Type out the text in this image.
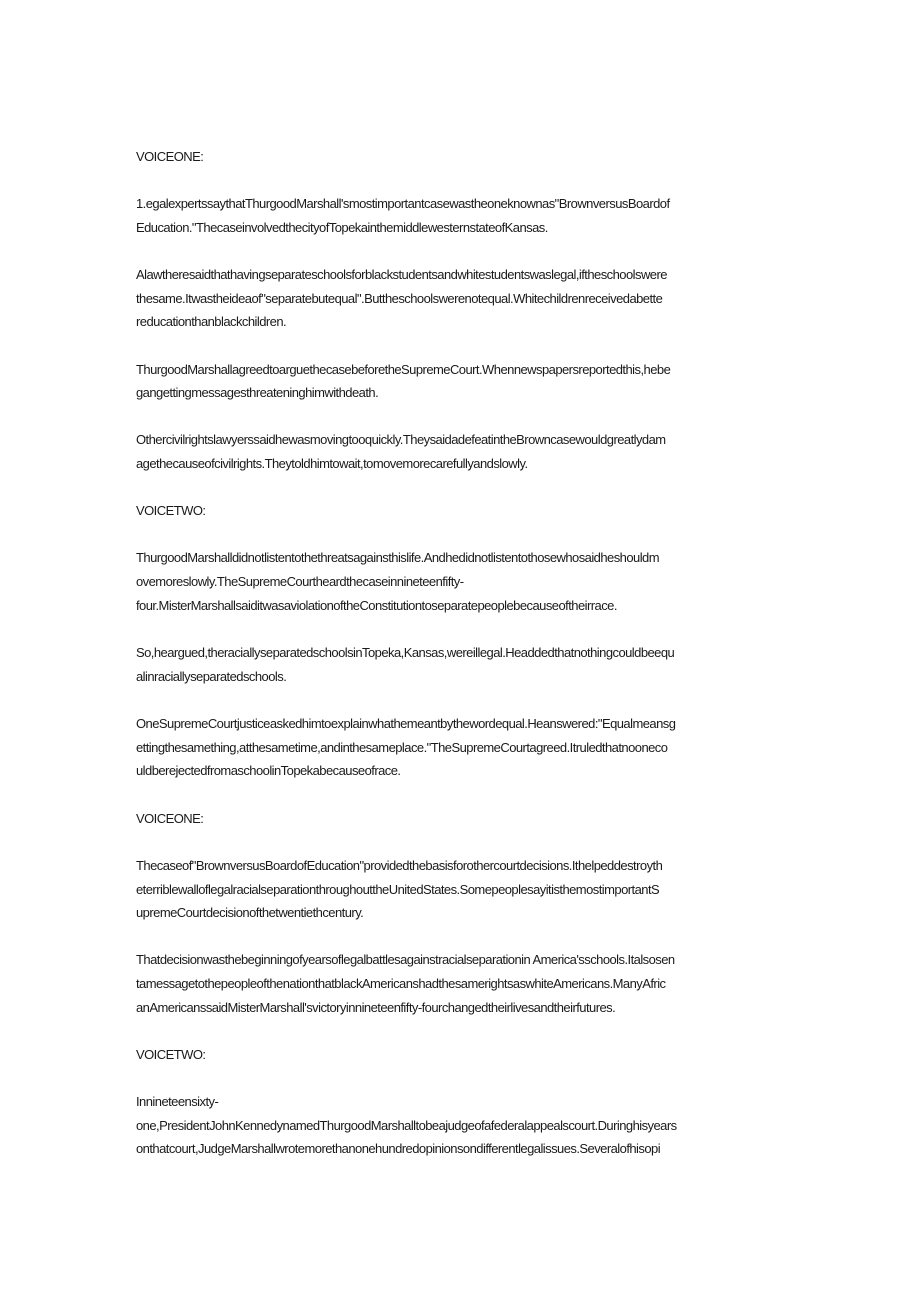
VOICEONE:
1.egalexpertssaythatThurgoodMarshall'smostimportantcasewastheoneknownas"BrownversusBoardof
Education."ThecaseinvolvedthecityofTopekainthemiddlewesternstateofKansas.
Alawtheresaidthathavingseparateschoolsforblackstudentsandwhitestudentswaslegal,iftheschoolswere
thesame.Itwastheideaof"separatebutequal".Buttheschoolswerenotequal.Whitechildrenreceivedabette
reducationthanblackchildren.
ThurgoodMarshallagreedtoarguethecasebeforetheSupremeCourt.Whennewspapersreportedthis,hebe
gangettingmessagesthreateninghimwithdeath.
Othercivilrightslawyerssaidhewasmovingtooquickly.TheysaidadefeatintheBrowncasewouldgreatlydam
agethecauseofcivilrights.Theytoldhimtowait,tomovemorecarefullyandslowly.
VOICETWO:
ThurgoodMarshalldidnotlistentothethreatsagainsthislife.Andhedidnotlistentothosewhosaidheshouldm
ovemoreslowly.TheSupremeCourtheardthecaseinnineteenfifty-
four.MisterMarshallsaiditwasaviolationoftheConstitutiontoseparatepeoplebecauseoftheirrace.
So,heargued,theraciallyseparatedschoolsinTopeka,Kansas,wereillegal.Headdedthatnothingcouldbeequ
alinraciallyseparatedschools.
OneSupremeCourtjusticeaskedhimtoexplainwhathemeantbythewordequal.Heanswered:"Equalmeansg
ettingthesamething,atthesametime,andinthesameplace."TheSupremeCourtagreed.Itruledthatnooneco
uldberejectedfromaschoolinTopekabecauseofrace.
VOICEONE:
Thecaseof"BrownversusBoardofEducation"providedthebasisforothercourtdecisions.Ithelpeddestroyth
eterriblewalloflegalracialseparationthroughouttheUnitedStates.SomepeoplesayitisthemostimportantS
upremeCourtdecisionofthetwentiethcentury.
Thatdecisionwasthebeginningofyearsoflegalbattlesagainstracialseparationin America'sschools.Italsosen
tamessagetothepeopleofthenationthatblackAmericanshadthesamerightsaswhiteAmericans.ManyAfric
anAmericanssaidMisterMarshall'svictoryinnineteenfifty-fourchangedtheirlivesandtheirfutures.
VOICETWO:
Innineteensixty-
one,PresidentJohnKennedynamedThurgoodMarshalltobeajudgeofafederalappealscourt.Duringhisyears
onthatcourt,JudgeMarshallwrotemorethanonehundredopinionsondifferentlegalissues.Severalofhisopi
